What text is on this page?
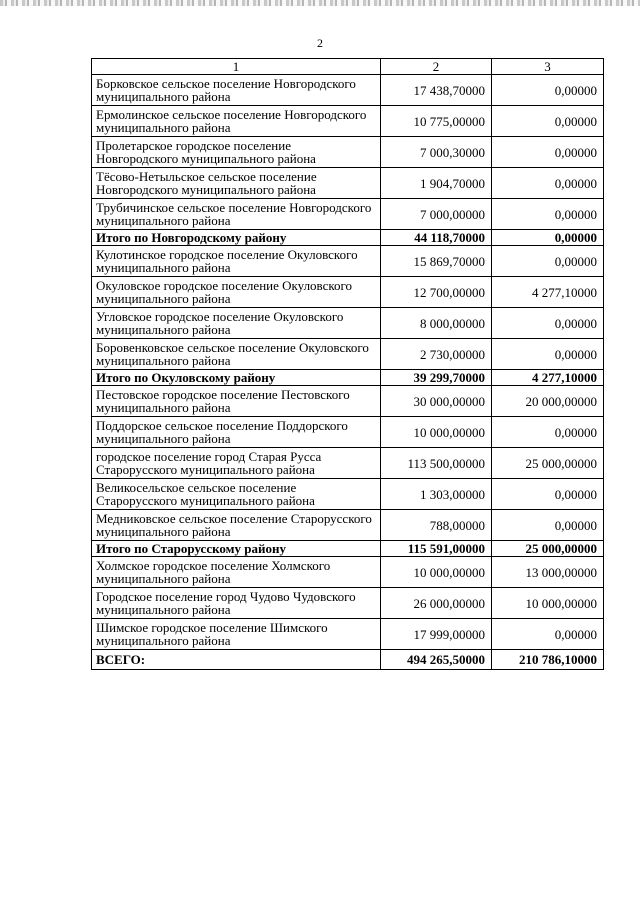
2
1	2	3
Борковское сельское поселение Новгородского муниципального района	17 438,70000	0,00000
Ермолинское сельское поселение Новгородского муниципального района	10 775,00000	0,00000
Пролетарское городское поселение Новгородского муниципального района	7 000,30000	0,00000
Тёсово-Нетыльское сельское поселение Новгородского муниципального района	1 904,70000	0,00000
Трубичинское сельское поселение Новгородского муниципального района	7 000,00000	0,00000
Итого по Новгородскому району	44 118,70000	0,00000
Кулотинское городское поселение Окуловского муниципального района	15 869,70000	0,00000
Окуловское городское поселение Окуловского муниципального района	12 700,00000	4 277,10000
Угловское городское поселение Окуловского муниципального района	8 000,00000	0,00000
Боровенковское сельское поселение Окуловского муниципального района	2 730,00000	0,00000
Итого по Окуловскому району	39 299,70000	4 277,10000
Пестовское городское поселение Пестовского муниципального района	30 000,00000	20 000,00000
Поддорское сельское поселение Поддорского муниципального района	10 000,00000	0,00000
городское поселение город Старая Русса Старорусского муниципального района	113 500,00000	25 000,00000
Великосельское сельское поселение Старорусского муниципального района	1 303,00000	0,00000
Медниковское сельское поселение Старорусского муниципального района	788,00000	0,00000
Итого по Старорусскому району	115 591,00000	25 000,00000
Холмское городское поселение Холмского муниципального района	10 000,00000	13 000,00000
Городское поселение город Чудово Чудовского муниципального района	26 000,00000	10 000,00000
Шимское городское поселение Шимского муниципального района	17 999,00000	0,00000
ВСЕГО:	494 265,50000	210 786,10000
